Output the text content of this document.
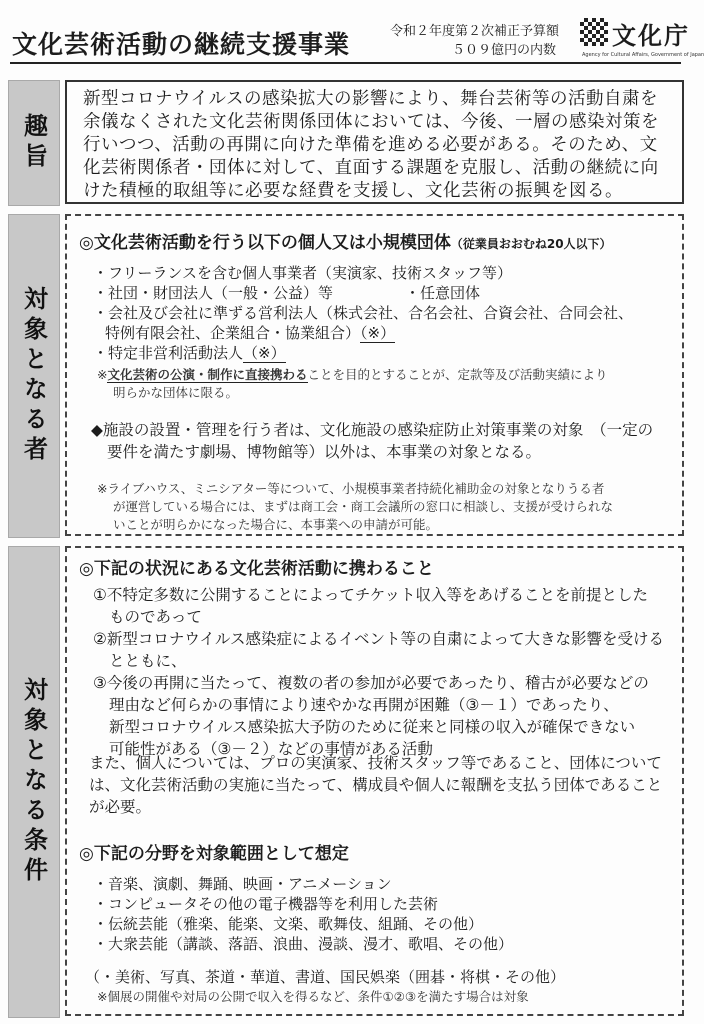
文化芸術活動の継続支援事業	令和２年度第２次補正予算額
５０９億円の内数
文化庁
Agency for Cultural Affairs, Government of Japan
趣旨
新型コロナウイルスの感染拡大の影響により、舞台芸術等の活動自粛を余儀なくされた文化芸術関係団体においては、今後、一層の感染対策を行いつつ、活動の再開に向けた準備を進める必要がある。そのため、文化芸術関係者・団体に対して、直面する課題を克服し、活動の継続に向けた積極的取組等に必要な経費を支援し、文化芸術の振興を図る。
対象となる者
◎文化芸術活動を行う以下の個人又は小規模団体（従業員おおむね20人以下）
・フリーランスを含む個人事業者（実演家、技術スタッフ等）
・社団・財団法人（一般・公益）等	・任意団体
・会社及び会社に準ずる営利法人（株式会社、合名会社、合資会社、合同会社、
特例有限会社、企業組合・協業組合）（※）
・特定非営利活動法人（※）
※文化芸術の公演・制作に直接携わることを目的とすることが、定款等及び活動実績により
明らかな団体に限る。
◆施設の設置・管理を行う者は、文化施設の感染症防止対策事業の対象　（一定の
要件を満たす劇場、博物館等）以外は、本事業の対象となる。
※ライブハウス、ミニシアター等について、小規模事業者持続化補助金の対象となりうる者
が運営している場合には、まずは商工会・商工会議所の窓口に相談し、支援が受けられな
いことが明らかになった場合に、本事業への申請が可能。
対象となる条件
◎下記の状況にある文化芸術活動に携わること
①不特定多数に公開することによってチケット収入等をあげることを前提とした
ものであって
②新型コロナウイルス感染症によるイベント等の自粛によって大きな影響を受ける
とともに、
③今後の再開に当たって、複数の者の参加が必要であったり、稽古が必要などの
理由など何らかの事情により速やかな再開が困難（③－１）であったり、
新型コロナウイルス感染拡大予防のために従来と同様の収入が確保できない
可能性がある（③－２）などの事情がある活動
また、個人については、プロの実演家、技術スタッフ等であること、団体について
は、文化芸術活動の実施に当たって、構成員や個人に報酬を支払う団体であること
が必要。
◎下記の分野を対象範囲として想定
・音楽、演劇、舞踊、映画・アニメーション
・コンピュータその他の電子機器等を利用した芸術
・伝統芸能（雅楽、能楽、文楽、歌舞伎、組踊、その他）
・大衆芸能（講談、落語、浪曲、漫談、漫才、歌唱、その他）
（・美術、写真、茶道・華道、書道、国民娯楽（囲碁・将棋・その他）
※個展の開催や対局の公開で収入を得るなど、条件①②③を満たす場合は対象
